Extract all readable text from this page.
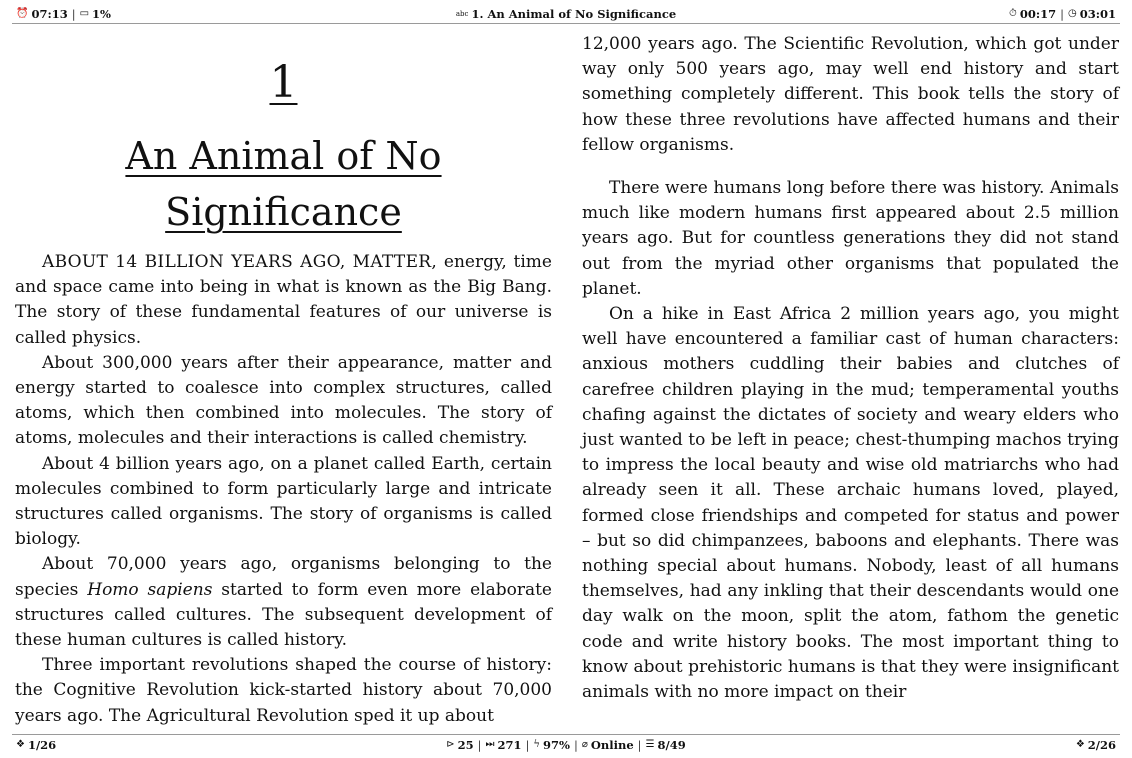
⏰ 07:13 | ▭ 1%	abc 1. An Animal of No Significance	⏱ 00:17 | ◷ 03:01
1
An Animal of No
Significance

ABOUT 14 BILLION YEARS AGO, MATTER, energy, time and space came into being in what is known as the Big Bang. The story of these fundamental features of our universe is called physics.

About 300,000 years after their appearance, matter and energy started to coalesce into complex structures, called atoms, which then combined into molecules. The story of atoms, molecules and their interactions is called chemistry.

About 4 billion years ago, on a planet called Earth, certain molecules combined to form particularly large and intricate structures called organisms. The story of organisms is called biology.

About 70,000 years ago, organisms belonging to the species Homo sapiens started to form even more elaborate structures called cultures. The subsequent development of these human cultures is called history.

Three important revolutions shaped the course of history: the Cognitive Revolution kick-started history about 70,000 years ago. The Agricultural Revolution sped it up about

12,000 years ago. The Scientific Revolution, which got under way only 500 years ago, may well end history and start something completely different. This book tells the story of how these three revolutions have affected humans and their fellow organisms.

There were humans long before there was history. Animals much like modern humans first appeared about 2.5 million years ago. But for countless generations they did not stand out from the myriad other organisms that populated the planet.

On a hike in East Africa 2 million years ago, you might well have encountered a familiar cast of human characters: anxious mothers cuddling their babies and clutches of carefree children playing in the mud; temperamental youths chafing against the dictates of society and weary elders who just wanted to be left in peace; chest-thumping machos trying to impress the local beauty and wise old matriarchs who had already seen it all. These archaic humans loved, played, formed close friendships and competed for status and power – but so did chimpanzees, baboons and elephants. There was nothing special about humans. Nobody, least of all humans themselves, had any inkling that their descendants would one day walk on the moon, split the atom, fathom the genetic code and write history books. The most important thing to know about prehistoric humans is that they were insignificant animals with no more impact on their

❖ 1/26	⊳ 25 | ⏭ 271 | ϟ 97% | ⌀ Online | ☰ 8/49	❖ 2/26
